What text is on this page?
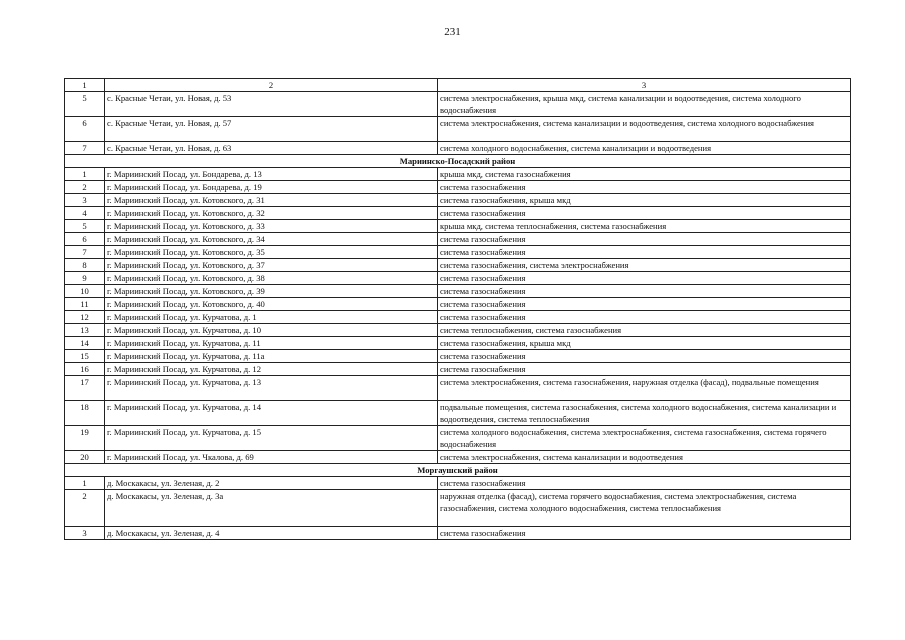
231
1	2	3
5	с. Красные Четаи, ул. Новая, д. 53	система электроснабжения, крыша мкд, система канализации и водоотведения, система холодного водоснабжения
6	с. Красные Четаи, ул. Новая, д. 57	система электроснабжения, система канализации и водоотведения, система холодного водоснабжения
7	с. Красные Четаи, ул. Новая, д. 63	система холодного водоснабжения, система канализации и водоотведения
Мариинско-Посадский район		
1	г. Мариинский Посад, ул. Бондарева, д. 13	крыша мкд, система газоснабжения
2	г. Мариинский Посад, ул. Бондарева, д. 19	система газоснабжения
3	г. Мариинский Посад, ул. Котовского, д. 31	система газоснабжения, крыша мкд
4	г. Мариинский Посад, ул. Котовского, д. 32	система газоснабжения
5	г. Мариинский Посад, ул. Котовского, д. 33	крыша мкд, система теплоснабжения, система газоснабжения
6	г. Мариинский Посад, ул. Котовского, д. 34	система газоснабжения
7	г. Мариинский Посад, ул. Котовского, д. 35	система газоснабжения
8	г. Мариинский Посад, ул. Котовского, д. 37	система газоснабжения, система электроснабжения
9	г. Мариинский Посад, ул. Котовского, д. 38	система газоснабжения
10	г. Мариинский Посад, ул. Котовского, д. 39	система газоснабжения
11	г. Мариинский Посад, ул. Котовского, д. 40	система газоснабжения
12	г. Мариинский Посад, ул. Курчатова, д. 1	система газоснабжения
13	г. Мариинский Посад, ул. Курчатова, д. 10	система теплоснабжения, система газоснабжения
14	г. Мариинский Посад, ул. Курчатова, д. 11	система газоснабжения, крыша мкд
15	г. Мариинский Посад, ул. Курчатова, д. 11а	система газоснабжения
16	г. Мариинский Посад, ул. Курчатова, д. 12	система газоснабжения
17	г. Мариинский Посад, ул. Курчатова, д. 13	система электроснабжения, система газоснабжения, наружная отделка (фасад), подвальные помещения
18	г. Мариинский Посад, ул. Курчатова, д. 14	подвальные помещения, система газоснабжения, система холодного водоснабжения, система канализации и водоотведения, система теплоснабжения
19	г. Мариинский Посад, ул. Курчатова, д. 15	система холодного водоснабжения, система электроснабжения, система газоснабжения, система горячего водоснабжения
20	г. Мариинский Посад, ул. Чкалова, д. 69	система электроснабжения, система канализации и водоотведения
Моргаушский район		
1	д. Москакасы, ул. Зеленая, д. 2	система газоснабжения
2	д. Москакасы, ул. Зеленая, д. 3а	наружная отделка (фасад), система горячего водоснабжения, система электроснабжения, система газоснабжения, система холодного водоснабжения, система теплоснабжения
3	д. Москакасы, ул. Зеленая, д. 4	система газоснабжения
